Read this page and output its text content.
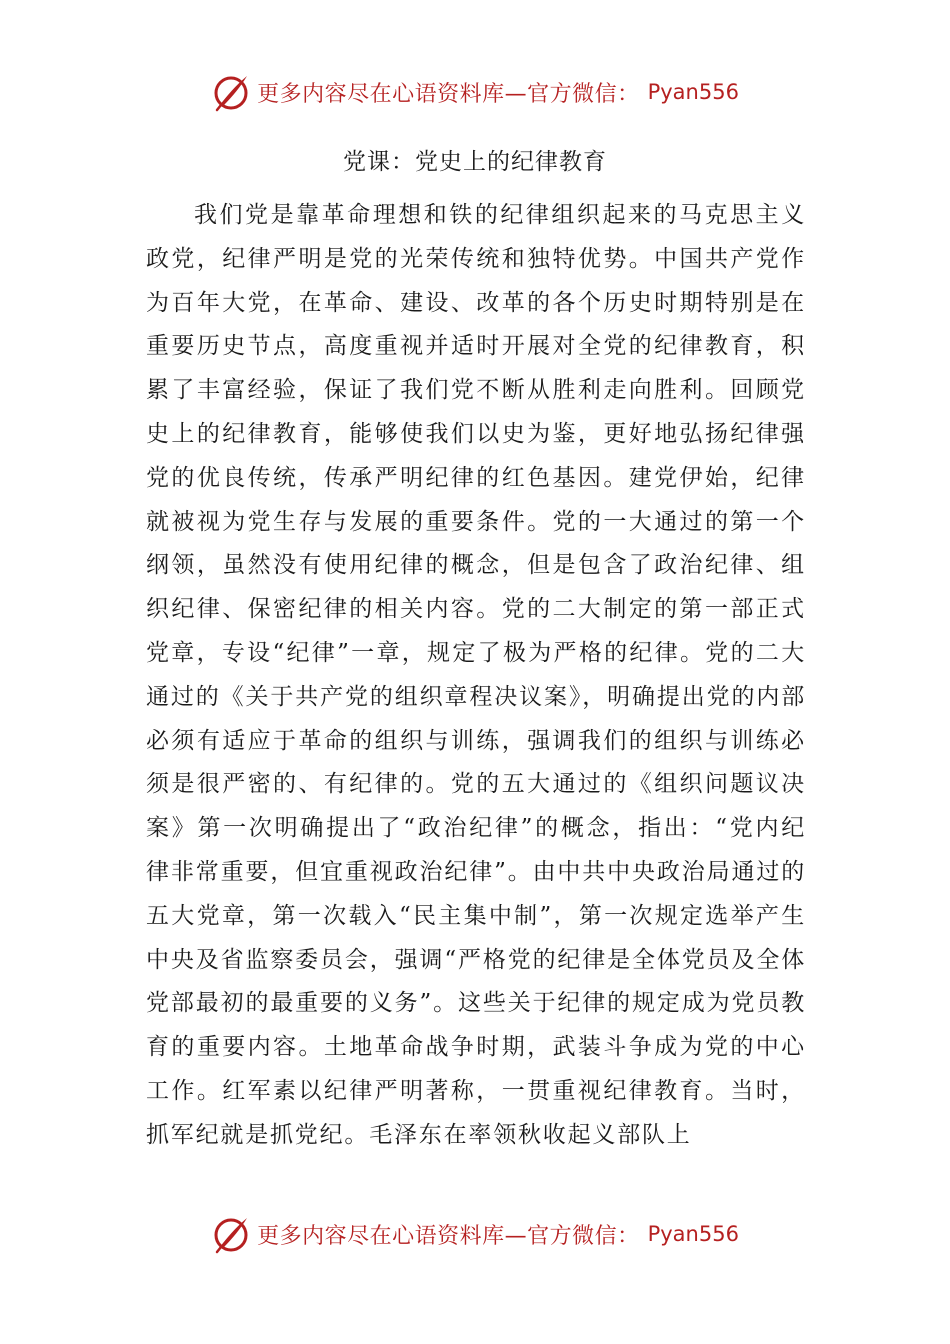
更多内容尽在心语资料库—官方微信： Pyan556
党课：党史上的纪律教育

我们党是靠革命理想和铁的纪律组织起来的马克思主义政党，纪律严明是党的光荣传统和独特优势。中国共产党作为百年大党，在革命、建设、改革的各个历史时期特别是在重要历史节点，高度重视并适时开展对全党的纪律教育，积累了丰富经验，保证了我们党不断从胜利走向胜利。回顾党史上的纪律教育，能够使我们以史为鉴，更好地弘扬纪律强党的优良传统，传承严明纪律的红色基因。建党伊始，纪律就被视为党生存与发展的重要条件。党的一大通过的第一个纲领，虽然没有使用纪律的概念，但是包含了政治纪律、组织纪律、保密纪律的相关内容。党的二大制定的第一部正式党章，专设“纪律”一章，规定了极为严格的纪律。党的二大通过的《关于共产党的组织章程决议案》，明确提出党的内部必须有适应于革命的组织与训练，强调我们的组织与训练必须是很严密的、有纪律的。党的五大通过的《组织问题议决案》第一次明确提出了“政治纪律”的概念，指出：“党内纪律非常重要，但宜重视政治纪律”。由中共中央政治局通过的五大党章，第一次载入“民主集中制”，第一次规定选举产生中央及省监察委员会，强调“严格党的纪律是全体党员及全体党部最初的最重要的义务”。这些关于纪律的规定成为党员教育的重要内容。土地革命战争时期，武装斗争成为党的中心工作。红军素以纪律严明著称，一贯重视纪律教育。当时，抓军纪就是抓党纪。毛泽东在率领秋收起义部队上

更多内容尽在心语资料库—官方微信： Pyan556
